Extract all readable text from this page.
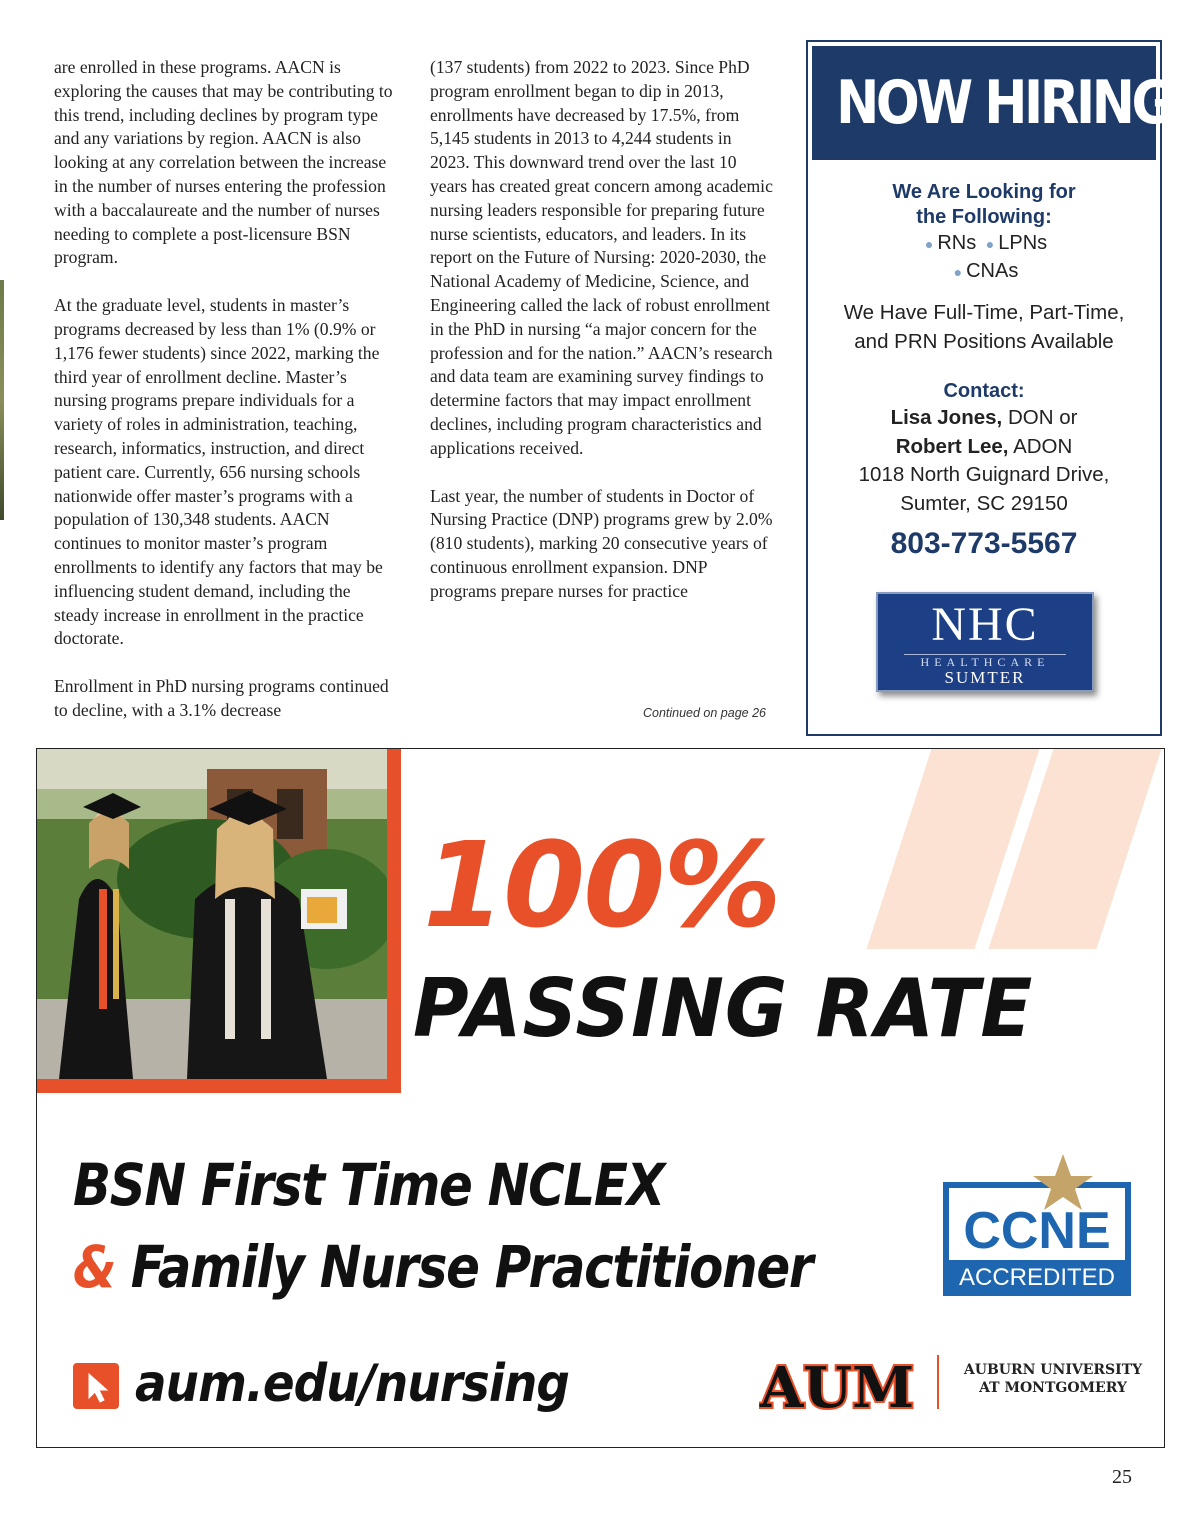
are enrolled in these programs. AACN is exploring the causes that may be contributing to this trend, including declines by program type and any variations by region. AACN is also looking at any correlation between the increase in the number of nurses entering the profession with a baccalaureate and the number of nurses needing to complete a post-licensure BSN program.

At the graduate level, students in master’s programs decreased by less than 1% (0.9% or 1,176 fewer students) since 2022, marking the third year of enrollment decline. Master’s nursing programs prepare individuals for a variety of roles in administration, teaching, research, informatics, instruction, and direct patient care. Currently, 656 nursing schools nationwide offer master’s programs with a population of 130,348 students. AACN continues to monitor master’s program enrollments to identify any factors that may be influencing student demand, including the steady increase in enrollment in the practice doctorate.

Enrollment in PhD nursing programs continued to decline, with a 3.1% decrease

(137 students) from 2022 to 2023. Since PhD program enrollment began to dip in 2013, enrollments have decreased by 17.5%, from 5,145 students in 2013 to 4,244 students in 2023. This downward trend over the last 10 years has created great concern among academic nursing leaders responsible for preparing future nurse scientists, educators, and leaders. In its report on the Future of Nursing: 2020-2030, the National Academy of Medicine, Science, and Engineering called the lack of robust enrollment in the PhD in nursing “a major concern for the profession and for the nation.” AACN’s research and data team are examining survey findings to determine factors that may impact enrollment declines, including program characteristics and applications received.

Last year, the number of students in Doctor of Nursing Practice (DNP) programs grew by 2.0% (810 students), marking 20 consecutive years of continuous enrollment expansion. DNP programs prepare nurses for practice

Continued on page 26
NOW HIRING
We Are Looking for
the Following:
● RNs ● LPNs
● CNAs
We Have Full-Time, Part-Time,
and PRN Positions Available
Contact:
Lisa Jones, DON or
Robert Lee, ADON
1018 North Guignard Drive,
Sumter, SC 29150
803-773-5567
NHC
HEALTHCARE
SUMTER
100%
PASSING RATE
BSN First Time NCLEX
& Family Nurse Practitioner
aum.edu/nursing
CCNE
ACCREDITED
AUM	AUBURN UNIVERSITY
AT MONTGOMERY
25
